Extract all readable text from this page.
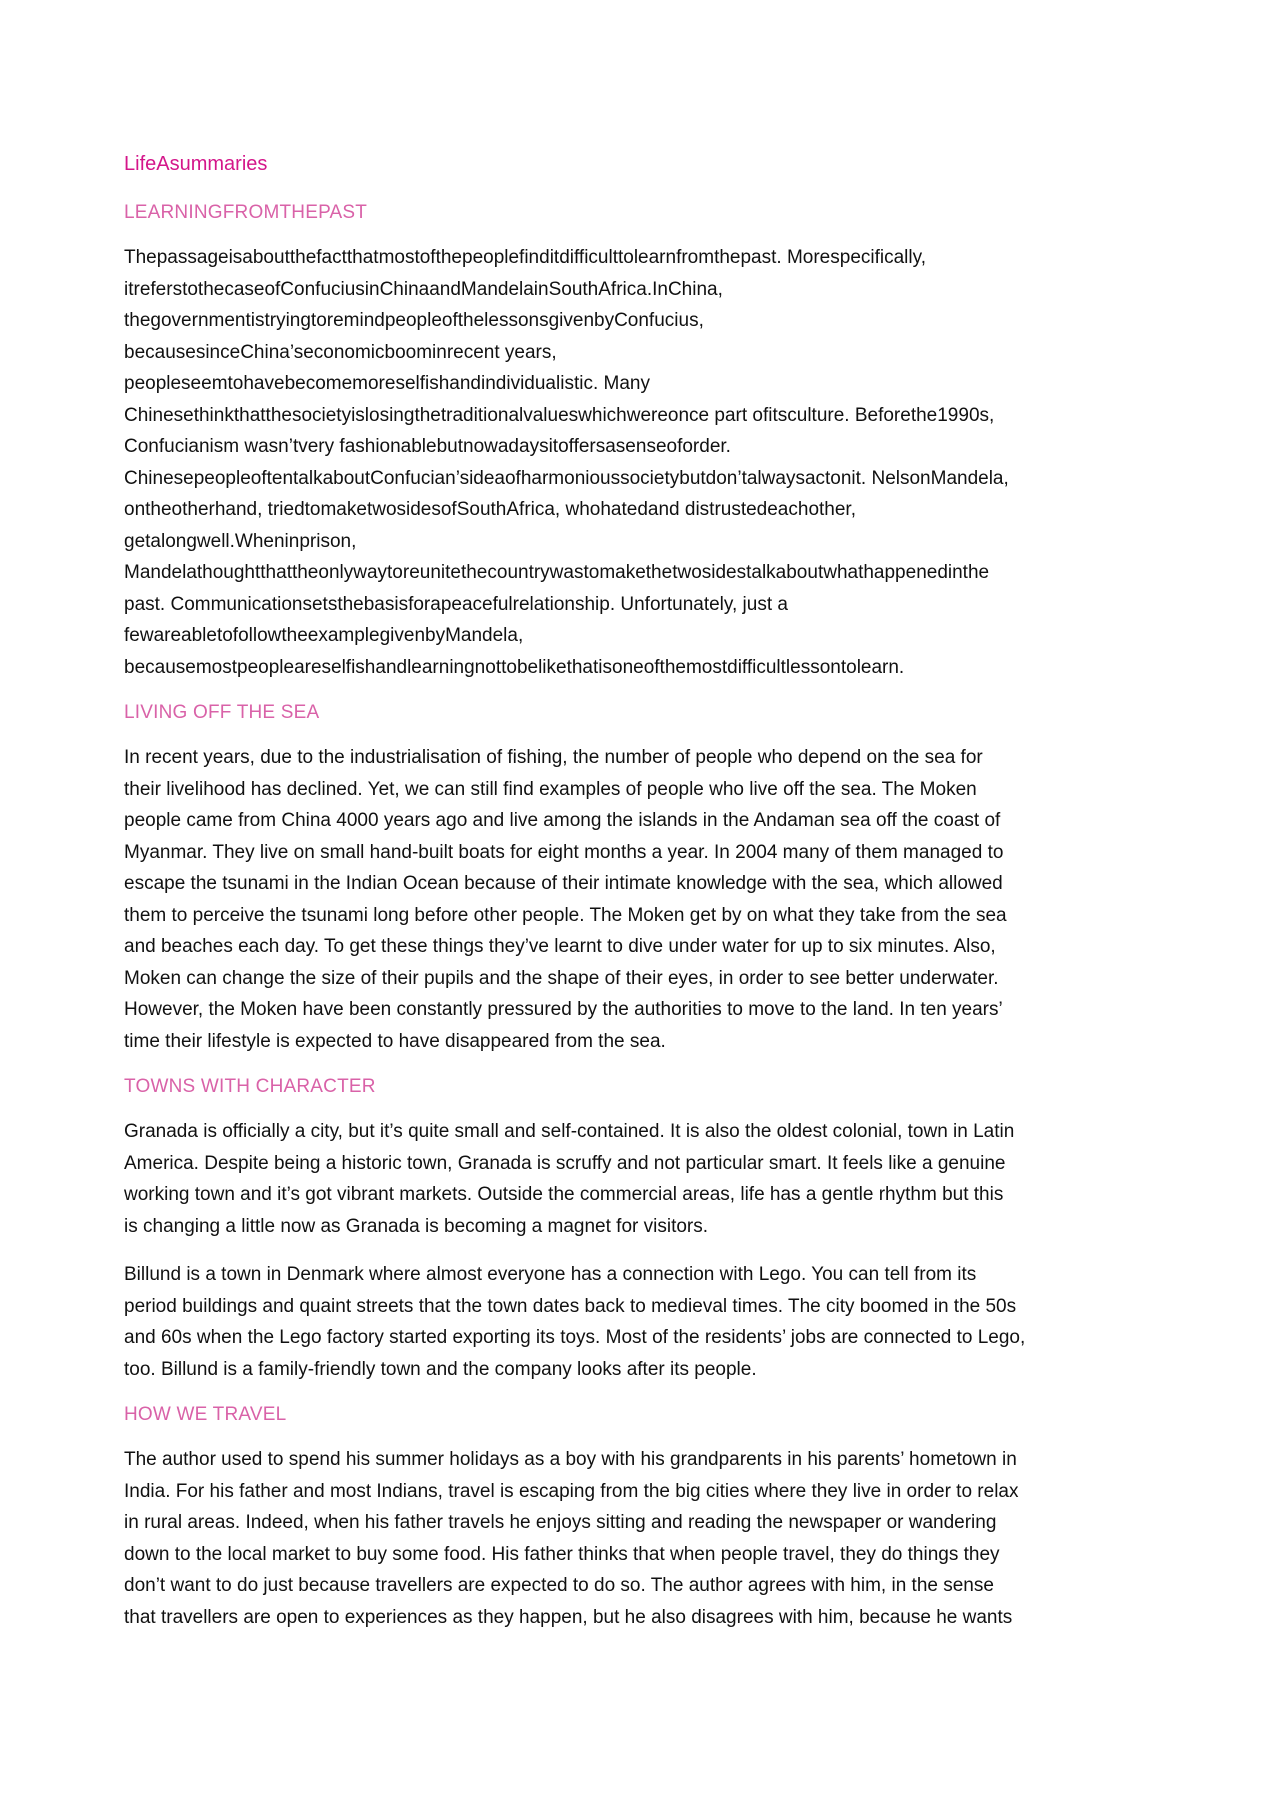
LifeAsummaries
LEARNINGFROMTHEPAST

Thepassageisaboutthefactthatmostofthepeoplefinditdifficulttolearnfromthepast. Morespecifically,
itreferstothecaseofConfuciusinChinaandMandelainSouthAfrica.InChina,
thegovernmentistryingtoremindpeopleofthelessonsgivenbyConfucius,
becausesinceChina’seconomicboominrecent years,
peopleseemtohavebecomemoreselfishandindividualistic. Many
Chinesethinkthatthesocietyislosingthetraditionalvalueswhichwereonce part ofitsculture. Beforethe1990s,
Confucianism wasn’tvery fashionablebutnowadaysitoffersasenseoforder.
ChinesepeopleoftentalkaboutConfucian’sideaofharmonioussocietybutdon’talwaysactonit. NelsonMandela,
ontheotherhand, triedtomaketwosidesofSouthAfrica, whohatedand distrustedeachother,
getalongwell.Wheninprison,
Mandelathoughtthattheonlywaytoreunitethecountrywastomakethetwosidestalkaboutwhathappenedinthe
past. Communicationsetsthebasisforapeacefulrelationship. Unfortunately, just a
fewareabletofollowtheexamplegivenbyMandela,
becausemostpeopleareselfishandlearningnottobelikethatisoneofthemostdifficultlessontolearn.

LIVING OFF THE SEA

In recent years, due to the industrialisation of fishing, the number of people who depend on the sea for
their livelihood has declined. Yet, we can still find examples of people who live off the sea. The Moken
people came from China 4000 years ago and live among the islands in the Andaman sea off the coast of
Myanmar. They live on small hand-built boats for eight months a year. In 2004 many of them managed to
escape the tsunami in the Indian Ocean because of their intimate knowledge with the sea, which allowed
them to perceive the tsunami long before other people. The Moken get by on what they take from the sea
and beaches each day. To get these things they’ve learnt to dive under water for up to six minutes. Also,
Moken can change the size of their pupils and the shape of their eyes, in order to see better underwater.
However, the Moken have been constantly pressured by the authorities to move to the land. In ten years’
time their lifestyle is expected to have disappeared from the sea.

TOWNS WITH CHARACTER

Granada is officially a city, but it’s quite small and self-contained. It is also the oldest colonial, town in Latin
America. Despite being a historic town, Granada is scruffy and not particular smart. It feels like a genuine
working town and it’s got vibrant markets. Outside the commercial areas, life has a gentle rhythm but this
is changing a little now as Granada is becoming a magnet for visitors.

Billund is a town in Denmark where almost everyone has a connection with Lego. You can tell from its
period buildings and quaint streets that the town dates back to medieval times. The city boomed in the 50s
and 60s when the Lego factory started exporting its toys. Most of the residents’ jobs are connected to Lego,
too. Billund is a family-friendly town and the company looks after its people.

HOW WE TRAVEL

The author used to spend his summer holidays as a boy with his grandparents in his parents’ hometown in
India. For his father and most Indians, travel is escaping from the big cities where they live in order to relax
in rural areas. Indeed, when his father travels he enjoys sitting and reading the newspaper or wandering
down to the local market to buy some food. His father thinks that when people travel, they do things they
don’t want to do just because travellers are expected to do so. The author agrees with him, in the sense
that travellers are open to experiences as they happen, but he also disagrees with him, because he wants
